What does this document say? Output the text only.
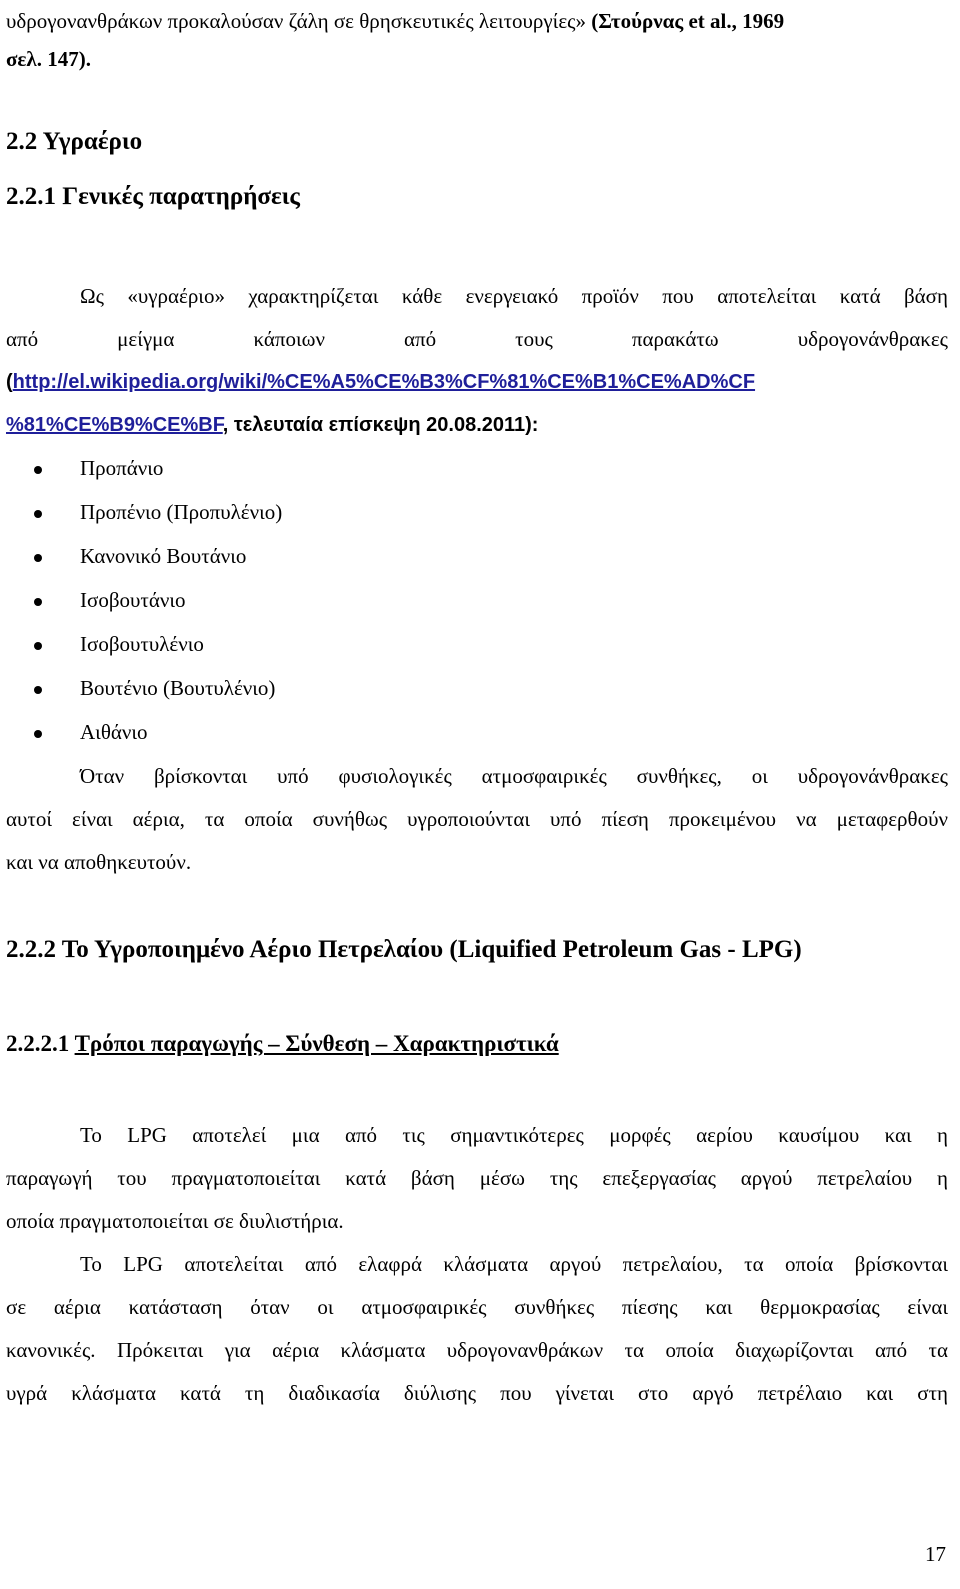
υδρογονανθράκων προκαλούσαν ζάλη σε θρησκευτικές λειτουργίες» (Στούρνας et al., 1969
σελ. 147).
2.2 Υγραέριο
2.2.1 Γενικές παρατηρήσεις
Ως «υγραέριο» χαρακτηρίζεται κάθε ενεργειακό προϊόν που αποτελείται κατά βάση
από μείγμα κάποιων από τους παρακάτω υδρογονάνθρακες
(http://el.wikipedia.org/wiki/%CE%A5%CE%B3%CF%81%CE%B1%CE%AD%CF
%81%CE%B9%CE%BF, τελευταία επίσκεψη 20.08.2011):
Προπάνιο
Προπένιο (Προπυλένιο)
Κανονικό Βουτάνιο
Ισοβουτάνιο
Ισοβουτυλένιο
Βουτένιο (Βουτυλένιο)
Αιθάνιο
Όταν βρίσκονται υπό φυσιολογικές ατμοσφαιρικές συνθήκες, οι υδρογονάνθρακες
αυτοί είναι αέρια, τα οποία συνήθως υγροποιούνται υπό πίεση προκειμένου να μεταφερθούν
και να αποθηκευτούν.
2.2.2 Το Υγροποιημένο Αέριο Πετρελαίου (Liquified Petroleum Gas - LPG)
2.2.2.1 Τρόποι παραγωγής – Σύνθεση – Χαρακτηριστικά
Το LPG αποτελεί μια από τις σημαντικότερες μορφές αερίου καυσίμου και η
παραγωγή του πραγματοποιείται κατά βάση μέσω της επεξεργασίας αργού πετρελαίου η
οποία πραγματοποιείται σε διυλιστήρια.
Το LPG αποτελείται από ελαφρά κλάσματα αργού πετρελαίου, τα οποία βρίσκονται
σε αέρια κατάσταση όταν οι ατμοσφαιρικές συνθήκες πίεσης και θερμοκρασίας είναι
κανονικές. Πρόκειται για αέρια κλάσματα υδρογονανθράκων τα οποία διαχωρίζονται από τα
υγρά κλάσματα κατά τη διαδικασία διύλισης που γίνεται στο αργό πετρέλαιο και στη
17
